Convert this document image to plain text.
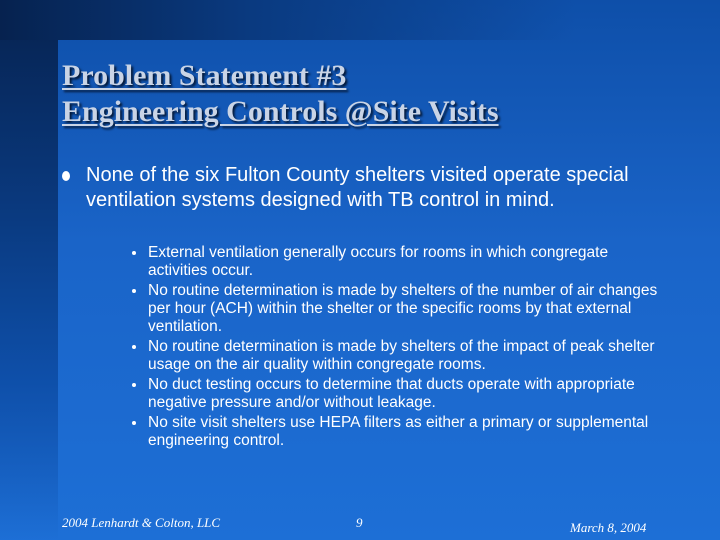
Problem Statement #3
Engineering Controls @Site Visits
None of the six Fulton County shelters visited operate special ventilation systems designed with TB control in mind.
External ventilation generally occurs for rooms in which congregate activities occur.
No routine determination is made by shelters of the number of air changes per hour (ACH) within the shelter or the specific rooms by that external ventilation.
No routine determination is made by shelters of the impact of peak shelter usage on the air quality within congregate rooms.
No duct testing occurs to determine that ducts operate with appropriate negative pressure and/or without leakage.
No site visit shelters use HEPA filters as either a primary or supplemental engineering control.
2004 Lenhardt & Colton, LLC	9	March 8, 2004
